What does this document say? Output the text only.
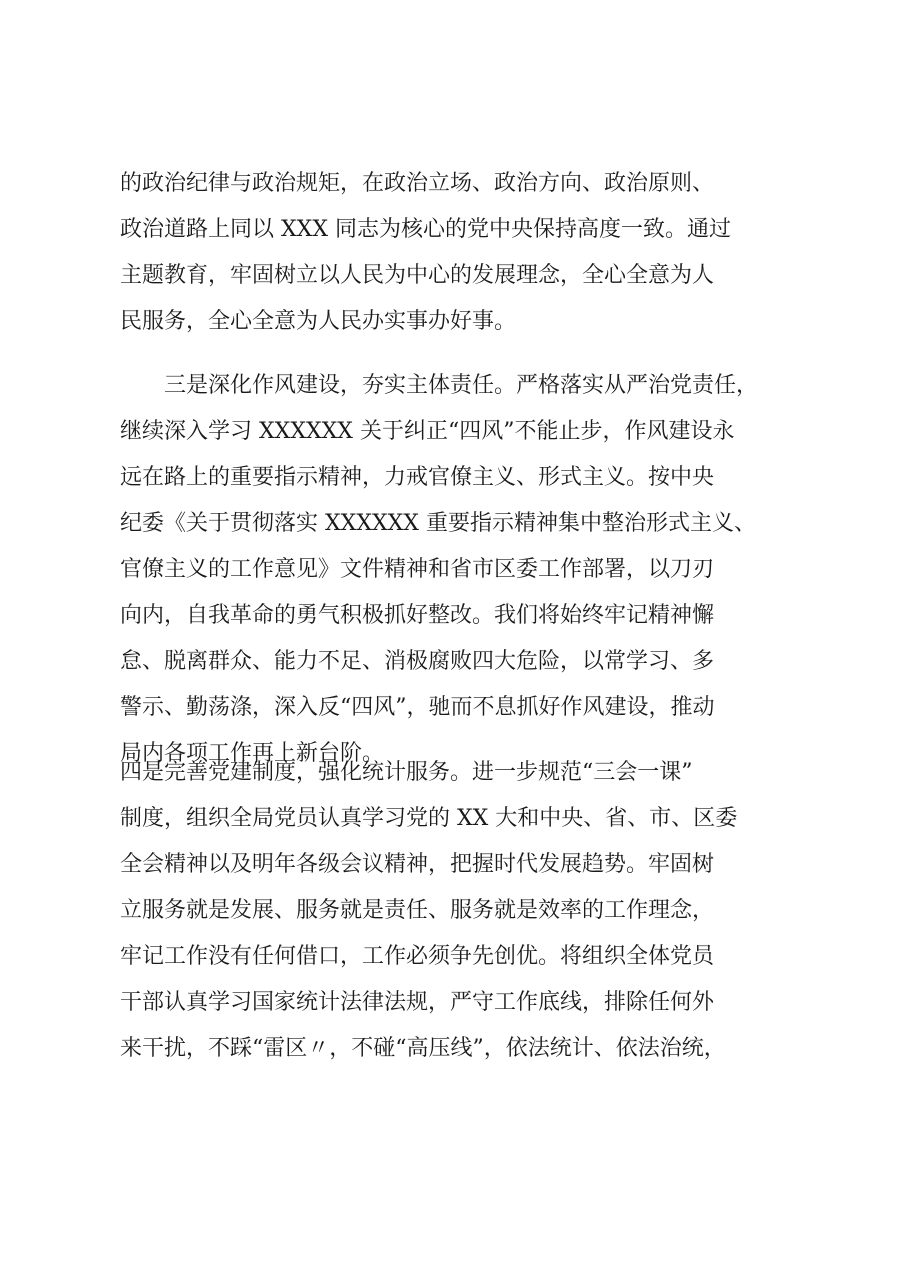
的政治纪律与政治规矩，在政治立场、政治方向、政治原则、
政治道路上同以 XXX 同志为核心的党中央保持高度一致。通过
主题教育，牢固树立以人民为中心的发展理念，全心全意为人
民服务，全心全意为人民办实事办好事。
三是深化作风建设，夯实主体责任。严格落实从严治党责任，
继续深入学习 XXXXXX 关于纠正“四风”不能止步，作风建设永
远在路上的重要指示精神，力戒官僚主义、形式主义。按中央
纪委《关于贯彻落实 XXXXXX 重要指示精神集中整治形式主义、
官僚主义的工作意见》文件精神和省市区委工作部署，以刀刃
向内，自我革命的勇气积极抓好整改。我们将始终牢记精神懈
怠、脱离群众、能力不足、消极腐败四大危险，以常学习、多
警示、勤荡涤，深入反“四风”，驰而不息抓好作风建设，推动
局内各项工作再上新台阶。
四是完善党建制度，强化统计服务。进一步规范“三会一课”
制度，组织全局党员认真学习党的 XX 大和中央、省、市、区委
全会精神以及明年各级会议精神，把握时代发展趋势。牢固树
立服务就是发展、服务就是责任、服务就是效率的工作理念，
牢记工作没有任何借口，工作必须争先创优。将组织全体党员
干部认真学习国家统计法律法规，严守工作底线，排除任何外
来干扰，不踩“雷区〃，不碰“高压线”，依法统计、依法治统，
